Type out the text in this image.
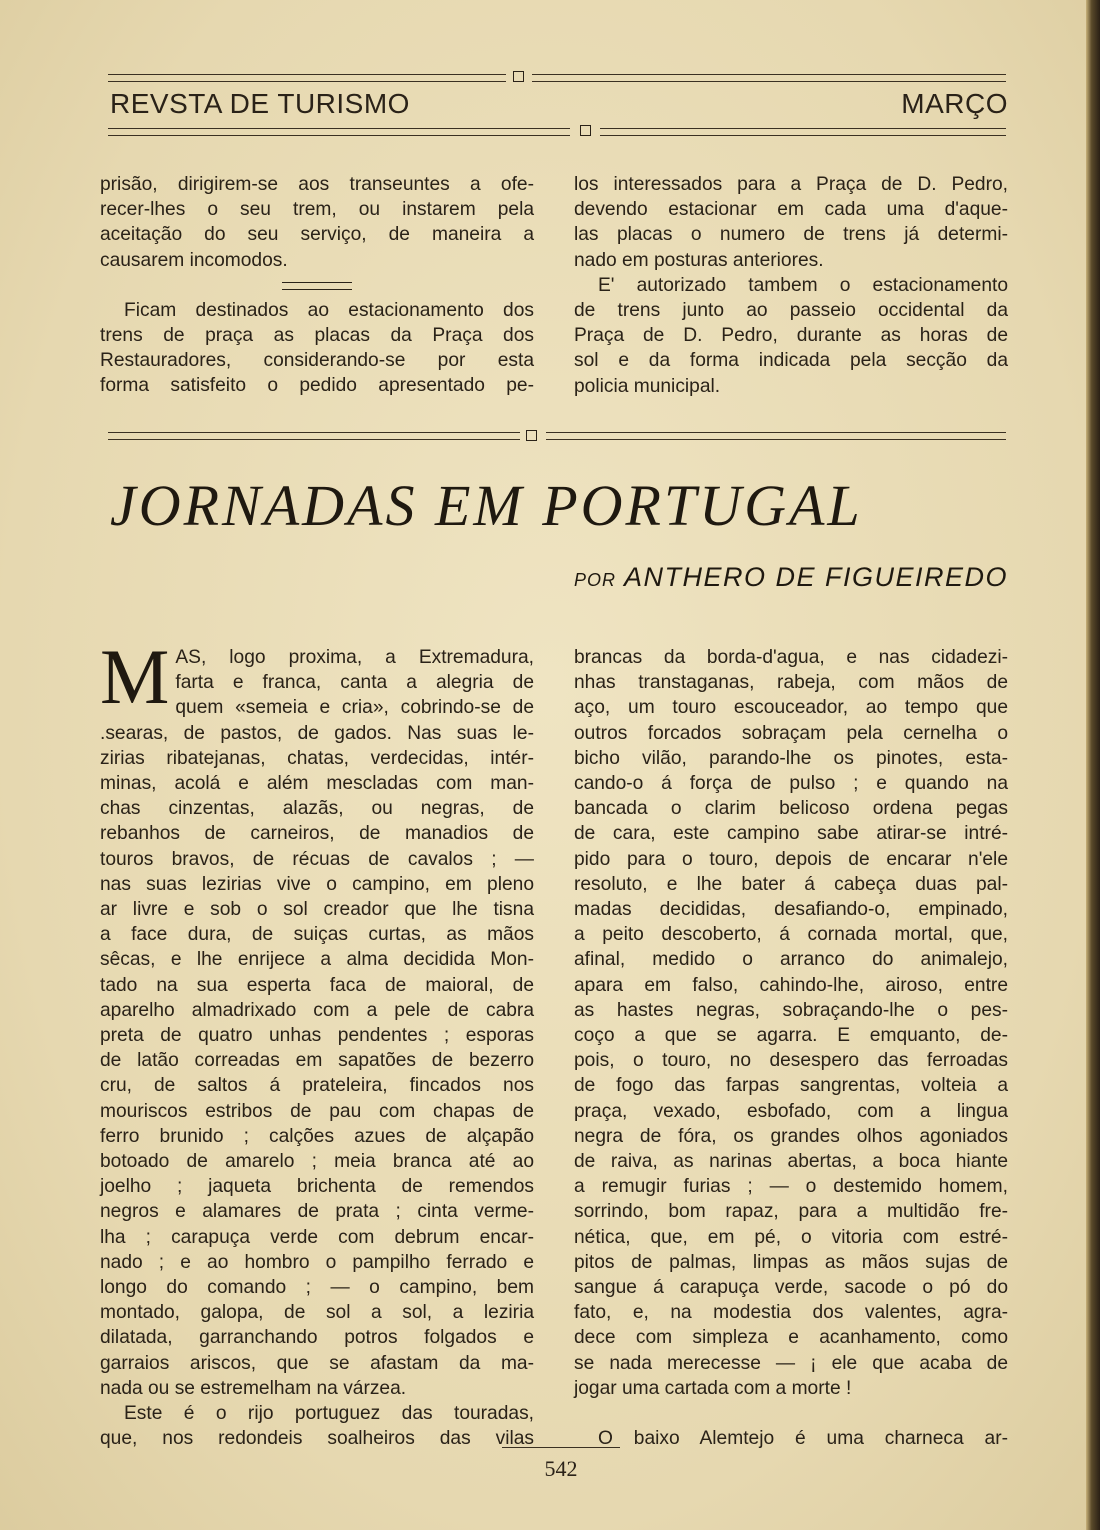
REVSTA DE TURISMO	MARÇO

prisão, dirigirem-se aos transeuntes a ofe-

recer-lhes o seu trem, ou instarem pela

aceitação do seu serviço, de maneira a

causarem incomodos.

Ficam destinados ao estacionamento dos

trens de praça as placas da Praça dos

Restauradores, considerando-se por esta

forma satisfeito o pedido apresentado pe-

los interessados para a Praça de D. Pedro,

devendo estacionar em cada uma d'aque-

las placas o numero de trens já determi-

nado em posturas anteriores.

E' autorizado tambem o estacionamento

de trens junto ao passeio occidental da

Praça de D. Pedro, durante as horas de

sol e da forma indicada pela secção da

policia municipal.

JORNADAS EM PORTUGAL
POR ANTHERO DE FIGUEIREDO
M AS, logo proxima, a Extremadura,

farta e franca, canta a alegria de

quem «semeia e cria», cobrindo-se de

.searas, de pastos, de gados. Nas suas le-

zirias ribatejanas, chatas, verdecidas, intér-

minas, acolá e além mescladas com man-

chas cinzentas, alazãs, ou negras, de

rebanhos de carneiros, de manadios de

touros bravos, de récuas de cavalos ; —

nas suas lezirias vive o campino, em pleno

ar livre e sob o sol creador que lhe tisna

a face dura, de suiças curtas, as mãos

sêcas, e lhe enrijece a alma decidida Mon-

tado na sua esperta faca de maioral, de

aparelho almadrixado com a pele de cabra

preta de quatro unhas pendentes ; esporas

de latão correadas em sapatões de bezerro

cru, de saltos á prateleira, fincados nos

mouriscos estribos de pau com chapas de

ferro brunido ; calções azues de alçapão

botoado de amarelo ; meia branca até ao

joelho ; jaqueta brichenta de remendos

negros e alamares de prata ; cinta verme-

lha ; carapuça verde com debrum encar-

nado ; e ao hombro o pampilho ferrado e

longo do comando ; — o campino, bem

montado, galopa, de sol a sol, a leziria

dilatada, garranchando potros folgados e

garraios ariscos, que se afastam da ma-

nada ou se estremelham na várzea.

Este é o rijo portuguez das touradas,

que, nos redondeis soalheiros das vilas

brancas da borda-d'agua, e nas cidadezi-

nhas transtaganas, rabeja, com mãos de

aço, um touro escouceador, ao tempo que

outros forcados sobraçam pela cernelha o

bicho vilão, parando-lhe os pinotes, esta-

cando-o á força de pulso ; e quando na

bancada o clarim belicoso ordena pegas

de cara, este campino sabe atirar-se intré-

pido para o touro, depois de encarar n'ele

resoluto, e lhe bater á cabeça duas pal-

madas decididas, desafiando-o, empinado,

a peito descoberto, á cornada mortal, que,

afinal, medido o arranco do animalejo,

apara em falso, cahindo-lhe, airoso, entre

as hastes negras, sobraçando-lhe o pes-

coço a que se agarra. E emquanto, de-

pois, o touro, no desespero das ferroadas

de fogo das farpas sangrentas, volteia a

praça, vexado, esbofado, com a lingua

negra de fóra, os grandes olhos agoniados

de raiva, as narinas abertas, a boca hiante

a remugir furias ; — o destemido homem,

sorrindo, bom rapaz, para a multidão fre-

nética, que, em pé, o vitoria com estré-

pitos de palmas, limpas as mãos sujas de

sangue á carapuça verde, sacode o pó do

fato, e, na modestia dos valentes, agra-

dece com simpleza e acanhamento, como

se nada merecesse — ¡ ele que acaba de

jogar uma cartada com a morte !

O baixo Alemtejo é uma charneca ar-

542
